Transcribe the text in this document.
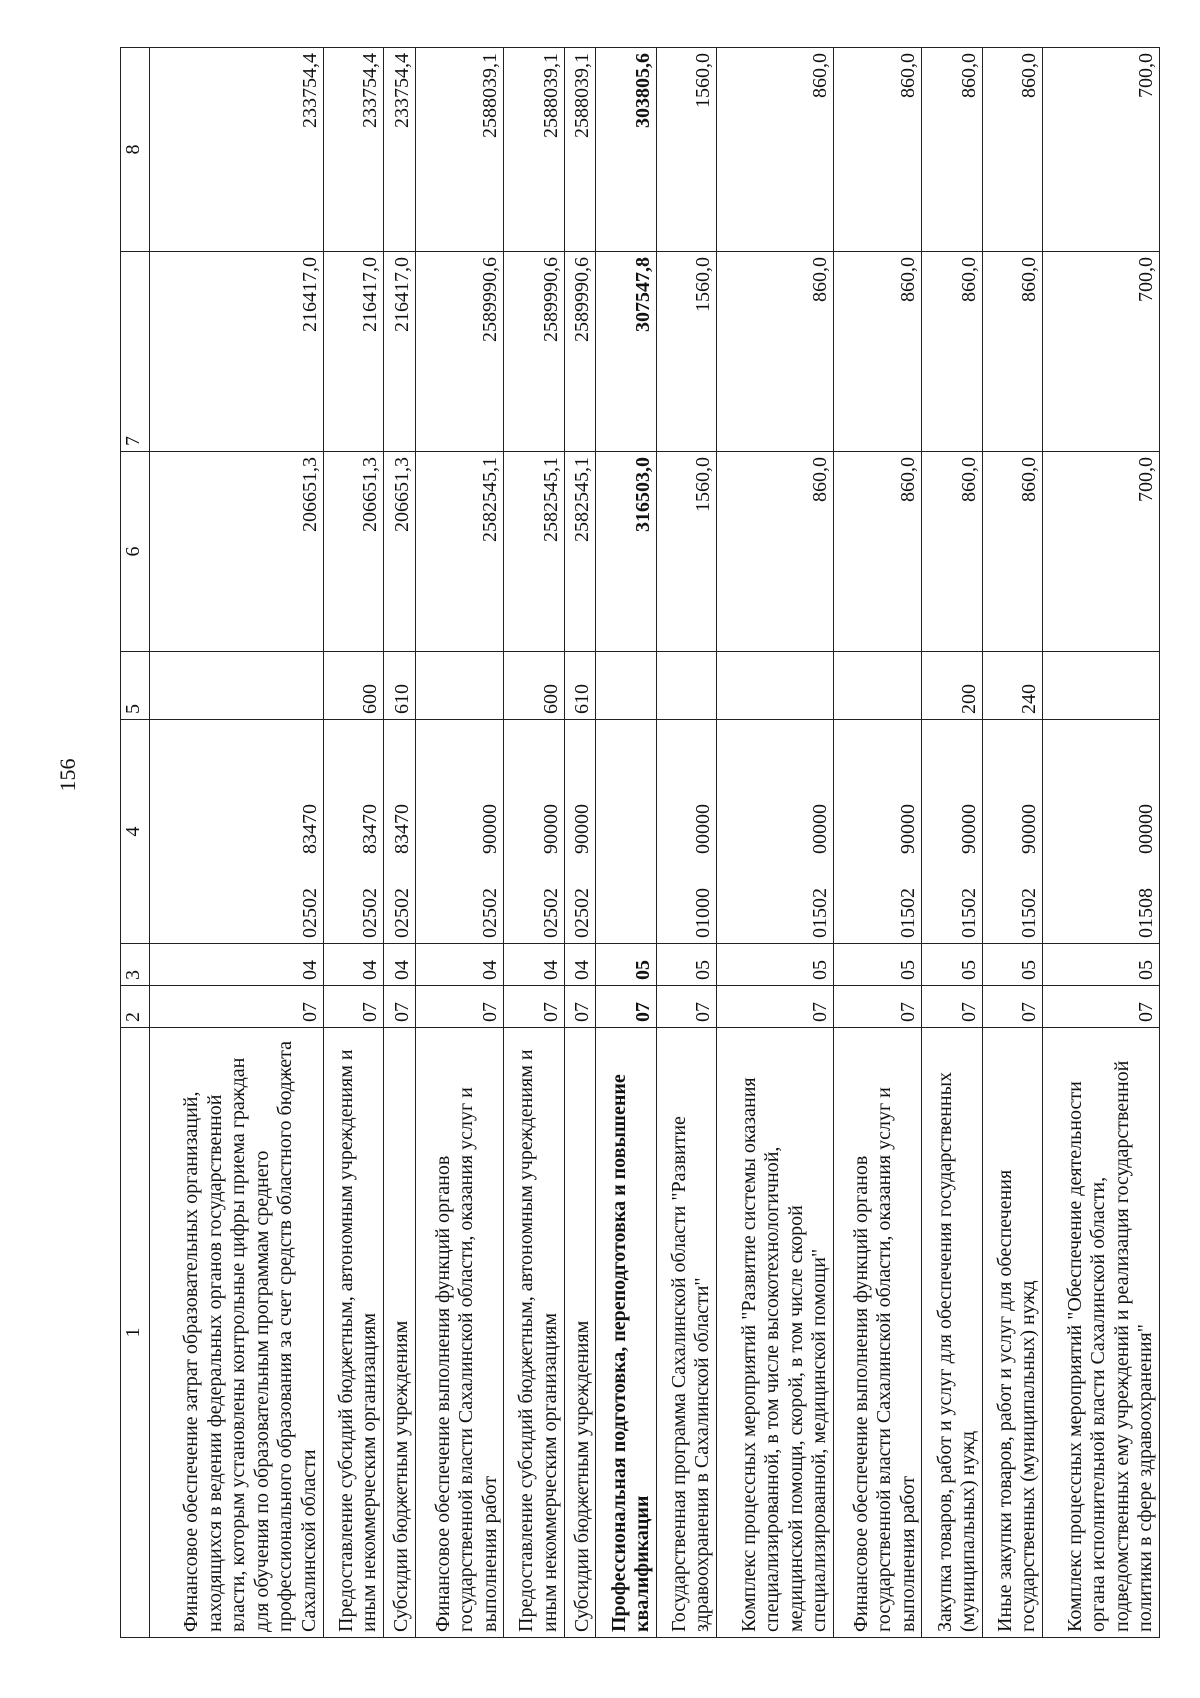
156
1	2	3	4	5	6	7	8
Финансовое обеспечение затрат образовательных организаций, находящихся в ведении федеральных органов государственной власти, которым установлены контрольные цифры приема граждан для обучения по образовательным программам среднего профессионального образования за счет средств областного бюджета Сахалинской области	07	04	0250283470		206651,3	216417,0	233754,4
Предоставление субсидий бюджетным, автономным учреждениям и иным некоммерческим организациям	07	04	0250283470	600	206651,3	216417,0	233754,4
Субсидии бюджетным учреждениям	07	04	0250283470	610	206651,3	216417,0	233754,4
Финансовое обеспечение выполнения функций органов государственной власти Сахалинской области, оказания услуг и выполнения работ	07	04	0250290000		2582545,1	2589990,6	2588039,1
Предоставление субсидий бюджетным, автономным учреждениям и иным некоммерческим организациям	07	04	0250290000	600	2582545,1	2589990,6	2588039,1
Субсидии бюджетным учреждениям	07	04	0250290000	610	2582545,1	2589990,6	2588039,1
Профессиональная подготовка, переподготовка и повышение квалификации	07	05			316503,0	307547,8	303805,6
Государственная программа Сахалинской области "Развитие здравоохранения в Сахалинской области"	07	05	0100000000		1560,0	1560,0	1560,0
Комплекс процессных мероприятий "Развитие системы оказания специализированной, в том числе высокотехнологичной, медицинской помощи, скорой, в том числе скорой специализированной, медицинской помощи"	07	05	0150200000		860,0	860,0	860,0
Финансовое обеспечение выполнения функций органов государственной власти Сахалинской области, оказания услуг и выполнения работ	07	05	0150290000		860,0	860,0	860,0
Закупка товаров, работ и услуг для обеспечения государственных (муниципальных) нужд	07	05	0150290000	200	860,0	860,0	860,0
Иные закупки товаров, работ и услуг для обеспечения государственных (муниципальных) нужд	07	05	0150290000	240	860,0	860,0	860,0
Комплекс процессных мероприятий "Обеспечение деятельности органа исполнительной власти Сахалинской области, подведомственных ему учреждений и реализация государственной политики в сфере здравоохранения"	07	05	0150800000		700,0	700,0	700,0
